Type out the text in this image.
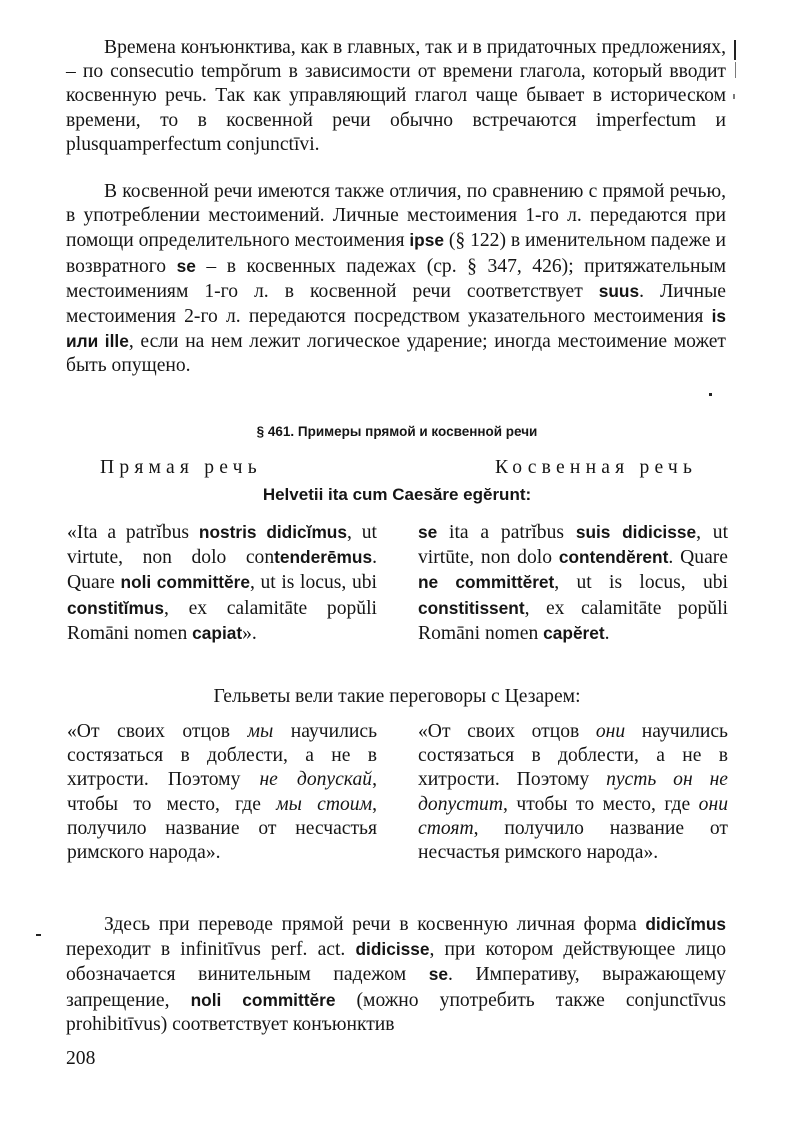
Времена конъюнктива, как в главных, так и в придаточных предложениях, – по consecutio tempŏrum в зависимости от времени глагола, который вводит косвенную речь. Так как управляющий глагол чаще бывает в историческом времени, то в косвенной речи обычно встречаются imperfectum и plusquamperfectum conjunctīvi.

В косвенной речи имеются также отличия, по сравнению с прямой речью, в употреблении местоимений. Личные местоимения 1-го л. передаются при помощи определительного местоимения ipse (§ 122) в именительном падеже и возвратного se – в косвенных падежах (ср. § 347, 426); притяжательным местоимениям 1-го л. в косвенной речи соответствует suus. Личные местоимения 2-го л. передаются посредством указательного местоимения is или ille, если на нем лежит логическое ударение; иногда местоимение может быть опущено.

§ 461. Примеры прямой и косвенной речи

Прямая речь	Косвенная речь

Helvetii ita cum Caesăre egĕrunt:

«Ita a patrĭbus nostris didicĭmus, ut virtute, non dolo contenderēmus. Quare noli committĕre, ut is locus, ubi constitĭmus, ex calamitāte popŭli Romāni nomen capiat».

se ita a patrĭbus suis didicisse, ut virtūte, non dolo contendĕrent. Quare ne committĕret, ut is locus, ubi constitissent, ex calamitāte popŭli Romāni nomen capĕret.

Гельветы вели такие переговоры с Цезарем:

«От своих отцов мы научились состязаться в доблести, а не в хитрости. Поэтому не допускай, чтобы то место, где мы стоим, получило название от несчастья римского народа».

«От своих отцов они научились состязаться в доблести, а не в хитрости. Поэтому пусть он не допустит, чтобы то место, где они стоят, получило название от несчастья римского народа».

Здесь при переводе прямой речи в косвенную личная форма didicĭmus переходит в infinitīvus perf. act. didicisse, при котором действующее лицо обозначается винительным падежом se. Императиву, выражающему запрещение, noli committĕre (можно употребить также conjunctīvus prohibitīvus) соответствует конъюнктив

208
